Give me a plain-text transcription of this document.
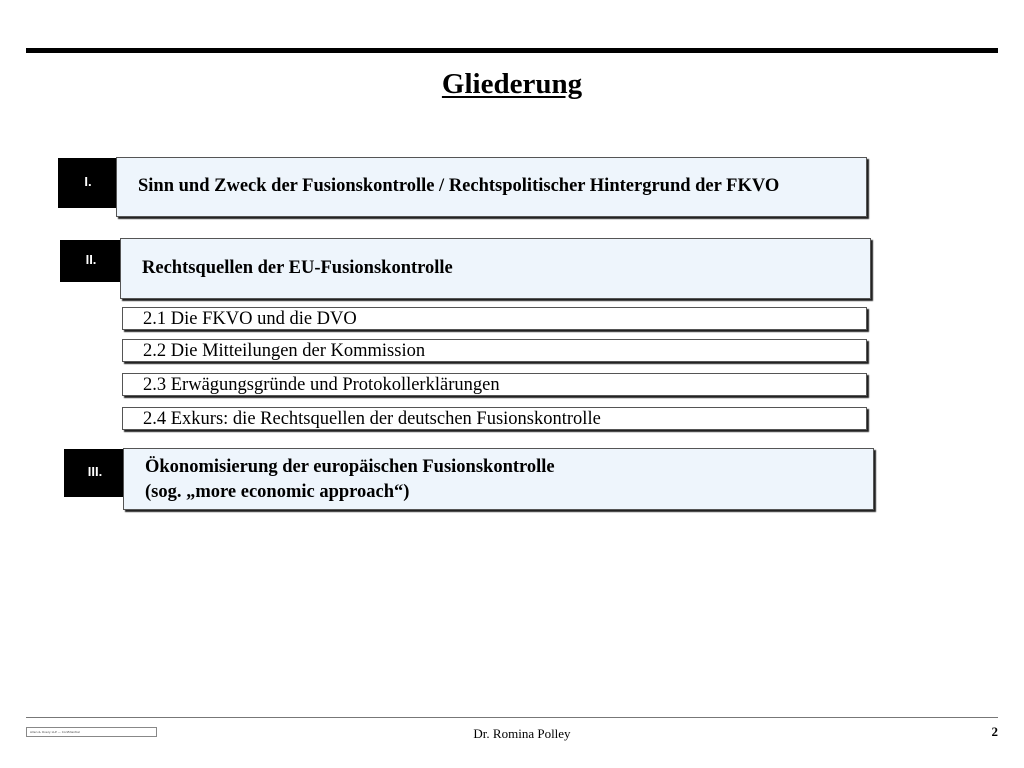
Gliederung
I.	Sinn und Zweck der Fusionskontrolle / Rechtspolitischer Hintergrund der FKVO
II.	Rechtsquellen der EU-Fusionskontrolle
2.1 Die FKVO und die DVO
2.2 Die Mitteilungen der Kommission
2.3 Erwägungsgründe und Protokollerklärungen
2.4 Exkurs: die Rechtsquellen der deutschen Fusionskontrolle
III.	Ökonomisierung der europäischen Fusionskontrolle
(sog. „more economic approach“)
Allen & Overy LLP — Confidential	Dr. Romina Polley	2
